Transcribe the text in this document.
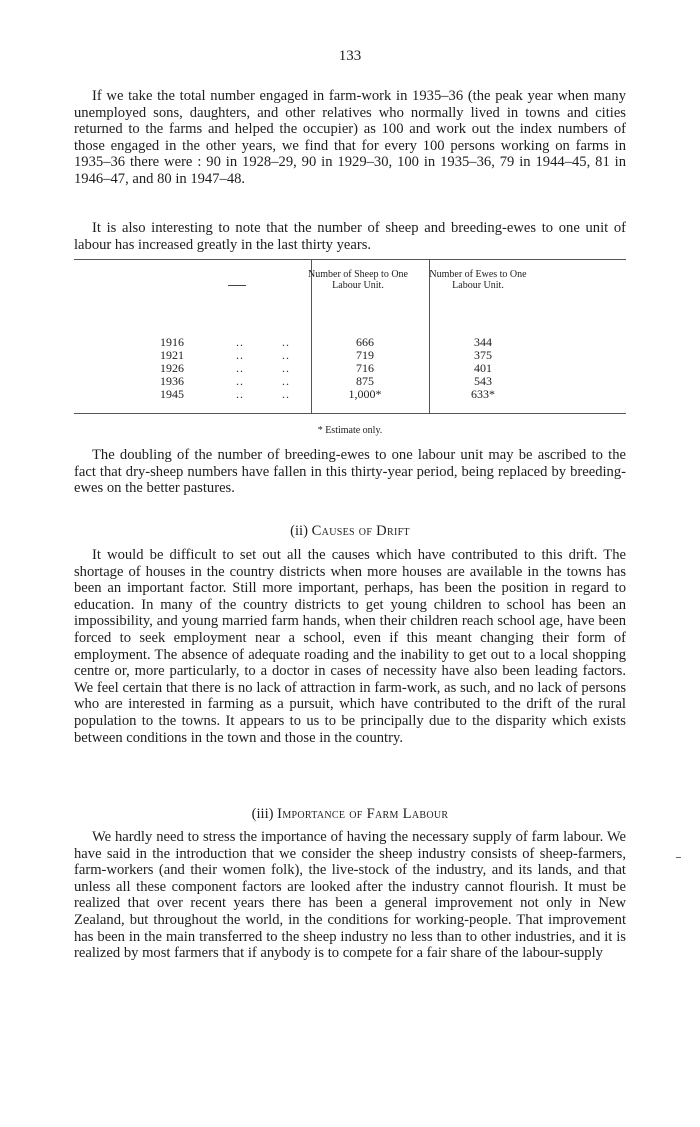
133

If we take the total number engaged in farm-work in 1935–36 (the peak year when many unemployed sons, daughters, and other relatives who normally lived in towns and cities returned to the farms and helped the occupier) as 100 and work out the index numbers of those engaged in the other years, we find that for every 100 persons working on farms in 1935–36 there were : 90 in 1928–29, 90 in 1929–30, 100 in 1935–36, 79 in 1944–45, 81 in 1946–47, and 80 in 1947–48.

It is also interesting to note that the number of sheep and breeding-ewes to one unit of labour has increased greatly in the last thirty years.

Number of Sheep to One Labour Unit.
Number of Ewes to One Labour Unit.
1916	..	..	666	344
1921	..	..	719	375
1926	..	..	716	401
1936	..	..	875	543
1945	..	..	1,000*	633*
* Estimate only.

The doubling of the number of breeding-ewes to one labour unit may be ascribed to the fact that dry-sheep numbers have fallen in this thirty-year period, being replaced by breeding-ewes on the better pastures.

(ii) Causes of Drift

It would be difficult to set out all the causes which have contributed to this drift. The shortage of houses in the country districts when more houses are available in the towns has been an important factor. Still more important, perhaps, has been the position in regard to education. In many of the country districts to get young children to school has been an impossibility, and young married farm hands, when their children reach school age, have been forced to seek employment near a school, even if this meant changing their form of employment. The absence of adequate roading and the inability to get out to a local shopping centre or, more particularly, to a doctor in cases of necessity have also been leading factors. We feel certain that there is no lack of attraction in farm-work, as such, and no lack of persons who are interested in farming as a pursuit, which have contributed to the drift of the rural population to the towns. It appears to us to be principally due to the disparity which exists between conditions in the town and those in the country.

(iii) Importance of Farm Labour

We hardly need to stress the importance of having the necessary supply of farm labour. We have said in the introduction that we consider the sheep industry consists of sheep-farmers, farm-workers (and their women folk), the live-stock of the industry, and its lands, and that unless all these component factors are looked after the industry cannot flourish. It must be realized that over recent years there has been a general improvement not only in New Zealand, but throughout the world, in the conditions for working-people. That improvement has been in the main transferred to the sheep industry no less than to other industries, and it is realized by most farmers that if anybody is to compete for a fair share of the labour-supply
